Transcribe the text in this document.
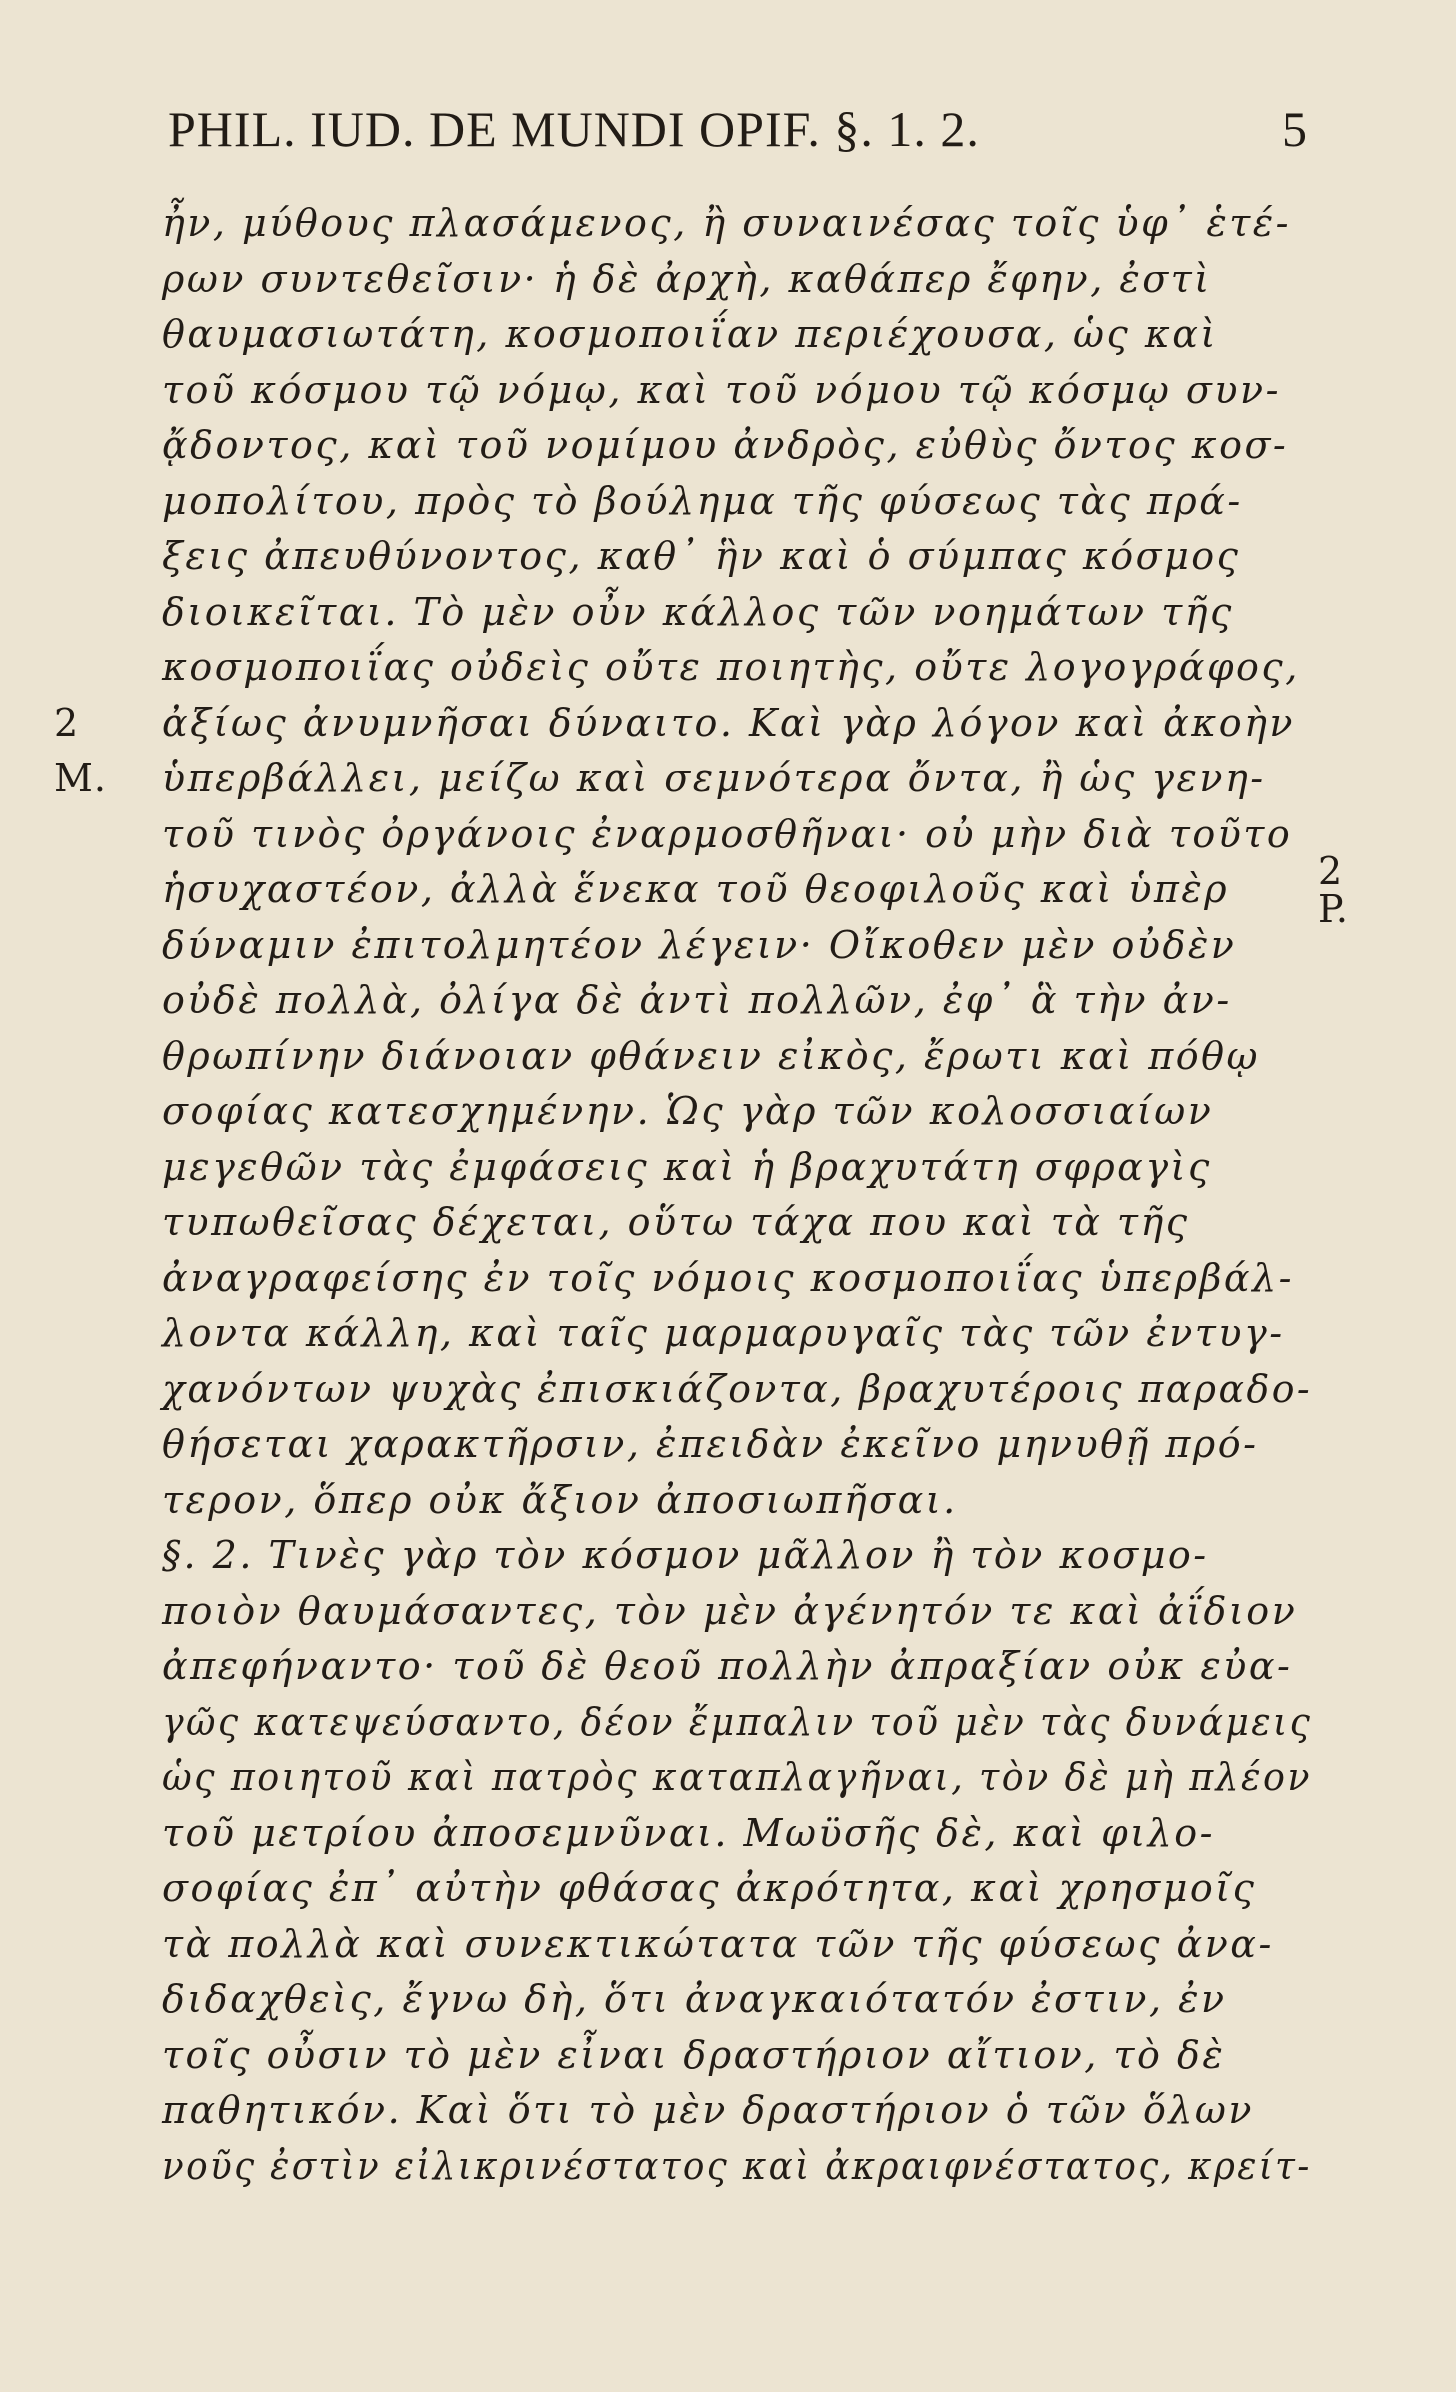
PHIL. IUD. DE MUNDI OPIF. §. 1. 2.	5
ἦν, μύθους πλασάμενος, ἢ συναινέσας τοῖς ὑφ᾽ ἑτέ-
ρων συντεθεῖσιν· ἡ δὲ ἀρχὴ, καθάπερ ἔφην, ἐστὶ
θαυμασιωτάτη, κοσμοποιΐαν περιέχουσα, ὡς καὶ
τοῦ κόσμου τῷ νόμῳ, καὶ τοῦ νόμου τῷ κόσμῳ συν-
ᾄδοντος, καὶ τοῦ νομίμου ἀνδρὸς, εὐθὺς ὄντος κοσ-
μοπολίτου, πρὸς τὸ βούλημα τῆς φύσεως τὰς πρά-
ξεις ἀπευθύνοντος, καθ᾽ ἣν καὶ ὁ σύμπας κόσμος
διοικεῖται. Τὸ μὲν οὖν κάλλος τῶν νοημάτων τῆς
κοσμοποιΐας οὐδεὶς οὔτε ποιητὴς, οὔτε λογογράφος,
2 ἀξίως ἀνυμνῆσαι δύναιτο. Καὶ γὰρ λόγον καὶ ἀκοὴν
M. ὑπερβάλλει, μείζω καὶ σεμνότερα ὄντα, ἢ ὡς γενη-
τοῦ τινὸς ὀργάνοις ἐναρμοσθῆναι· οὐ μὴν διὰ τοῦτο
ἡσυχαστέον, ἀλλὰ ἕνεκα τοῦ θεοφιλοῦς καὶ ὑπὲρ 2
P.
δύναμιν ἐπιτολμητέον λέγειν· Οἴκοθεν μὲν οὐδὲν
οὐδὲ πολλὰ, ὀλίγα δὲ ἀντὶ πολλῶν, ἐφ᾽ ἃ τὴν ἀν-
θρωπίνην διάνοιαν φθάνειν εἰκὸς, ἔρωτι καὶ πόθῳ
σοφίας κατεσχημένην. Ὡς γὰρ τῶν κολοσσιαίων
μεγεθῶν τὰς ἐμφάσεις καὶ ἡ βραχυτάτη σφραγὶς
τυπωθεῖσας δέχεται, οὕτω τάχα που καὶ τὰ τῆς
ἀναγραφείσης ἐν τοῖς νόμοις κοσμοποιΐας ὑπερβάλ-
λοντα κάλλη, καὶ ταῖς μαρμαρυγαῖς τὰς τῶν ἐντυγ-
χανόντων ψυχὰς ἐπισκιάζοντα, βραχυτέροις παραδο-
θήσεται χαρακτῆρσιν, ἐπειδὰν ἐκεῖνο μηνυθῇ πρό-
τερον, ὅπερ οὐκ ἄξιον ἀποσιωπῆσαι.
§. 2. Τινὲς γὰρ τὸν κόσμον μᾶλλον ἢ τὸν κοσμο-
ποιὸν θαυμάσαντες, τὸν μὲν ἀγένητόν τε καὶ ἀΐδιον
ἀπεφήναντο· τοῦ δὲ θεοῦ πολλὴν ἀπραξίαν οὐκ εὐα-
γῶς κατεψεύσαντο, δέον ἔμπαλιν τοῦ μὲν τὰς δυνάμεις
ὡς ποιητοῦ καὶ πατρὸς καταπλαγῆναι, τὸν δὲ μὴ πλέον
τοῦ μετρίου ἀποσεμνῦναι. Μωϋσῆς δὲ, καὶ φιλο-
σοφίας ἐπ᾽ αὐτὴν φθάσας ἀκρότητα, καὶ χρησμοῖς
τὰ πολλὰ καὶ συνεκτικώτατα τῶν τῆς φύσεως ἀνα-
διδαχθεὶς, ἔγνω δὴ, ὅτι ἀναγκαιότατόν ἐστιν, ἐν
τοῖς οὖσιν τὸ μὲν εἶναι δραστήριον αἴτιον, τὸ δὲ
παθητικόν. Καὶ ὅτι τὸ μὲν δραστήριον ὁ τῶν ὅλων
νοῦς ἐστὶν εἰλικρινέστατος καὶ ἀκραιφνέστατος, κρείτ-
